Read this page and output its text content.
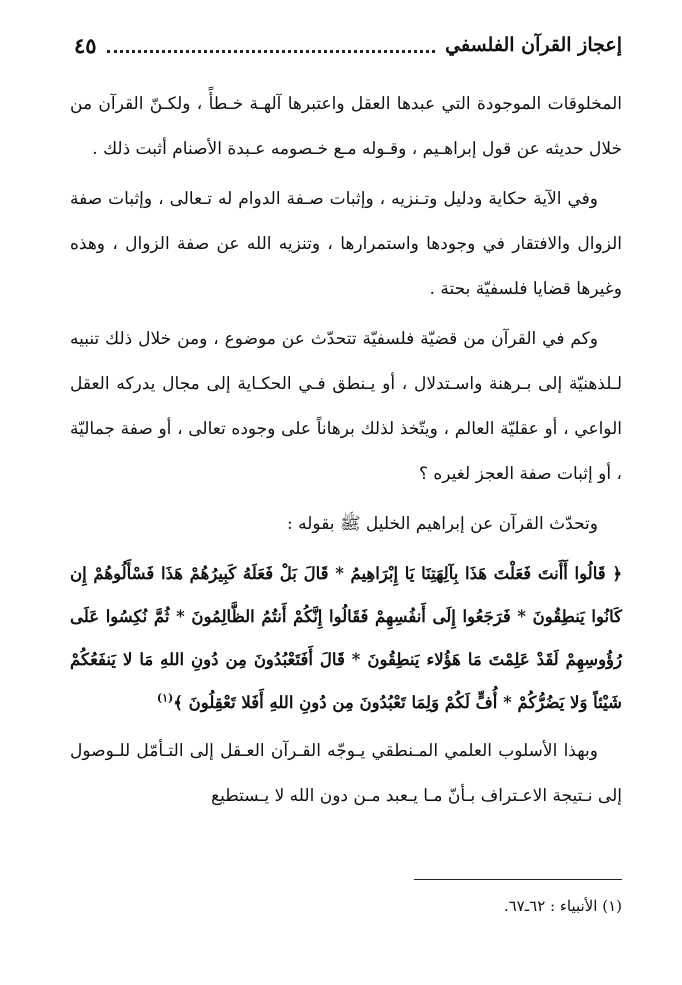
إعجاز القرآن الفلسفي
٤٥

المخلوقات الموجودة التي عبدها العقل واعتبرها آلهـة خـطأً ، ولكـنّ القرآن من خلال حديثه عن قول إبراهـيم ، وقـوله مـع خـصومه عـبدة الأصنام أثبت ذلك .

وفي الآية حكاية ودليل وتـنزيه ، وإثبات صـفة الدوام له تـعالى ، وإثبات صفة الزوال والافتقار في وجودها واستمرارها ، وتنزيه الله عن صفة الزوال ، وهذه وغيرها قضايا فلسفيّة بحتة .

وكم في القرآن من قضيّة فلسفيّة تتحدّث عن موضوع ، ومن خلال ذلك تنبيه لـلذهنيّة إلى بـرهنة واسـتدلال ، أو يـنطق فـي الحكـاية إلى مجال يدركه العقل الواعي ، أو عقليّة العالم ، ويتّخذ لذلك برهاناً على وجوده تعالى ، أو صفة جماليّة ، أو إثبات صفة العجز لغيره ؟

وتحدّث القرآن عن إبراهيم الخليل ﷺ بقوله :

﴿ قَالُوا أَأَنتَ فَعَلْتَ هَذَا بِآلِهَتِنَا يَا إِبْرَاهِيمُ * قَالَ بَلْ فَعَلَهُ كَبِيرُهُمْ هَذَا فَسْأَلُوهُمْ إِن كَانُوا يَنطِقُونَ * فَرَجَعُوا إِلَى أَنفُسِهِمْ فَقَالُوا إِنَّكُمْ أَنتُمُ الظَّالِمُونَ * ثُمَّ نُكِسُوا عَلَى رُؤُوسِهِمْ لَقَدْ عَلِمْتَ مَا هَؤُلاء يَنطِقُونَ * قَالَ أَفَتَعْبُدُونَ مِن دُونِ اللهِ مَا لا يَنفَعُكُمْ شَيْئاً وَلا يَضُرُّكُمْ * أُفٍّ لَكُمْ وَلِمَا تَعْبُدُونَ مِن دُونِ اللهِ أَفَلا تَعْقِلُونَ ﴾$^{(١)}$

وبهذا الأسلوب العلمي المـنطقي يـوجّه القـرآن العـقل إلى التـأمّل للـوصول إلى نـتيجة الاعـتراف بـأنّ مـا يـعبد مـن دون الله لا يـستطيع

(١) الأنبياء : ٦٢ـ٦٧.
